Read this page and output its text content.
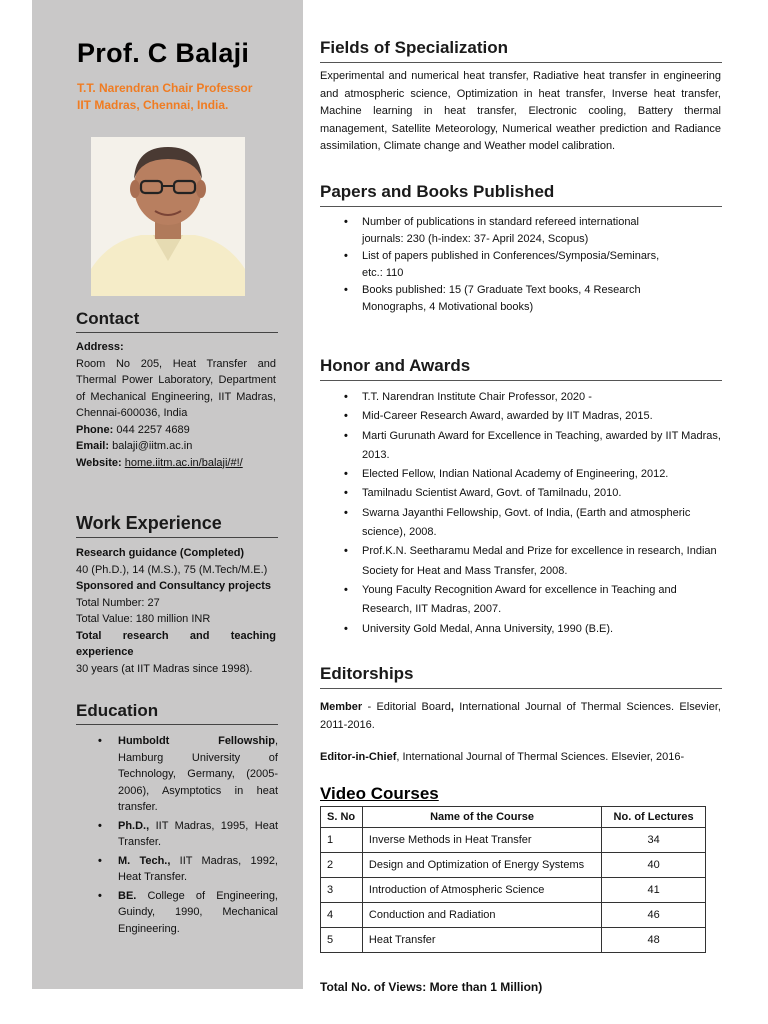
Prof. C Balaji
T.T. Narendran Chair Professor
IIT Madras, Chennai, India.
Contact
Address:
Room No 205, Heat Transfer and Thermal Power Laboratory, Department of Mechanical Engineering, IIT Madras, Chennai-600036, India
Phone: 044 2257 4689
Email: balaji@iitm.ac.in
Website: home.iitm.ac.in/balaji/#!/
Work Experience
Research guidance (Completed)
40 (Ph.D.), 14 (M.S.), 75 (M.Tech/M.E.)
Sponsored and Consultancy projects
Total Number: 27
Total Value: 180 million INR
Total research and teaching experience
30 years (at IIT Madras since 1998).
Education
• Humboldt Fellowship, Hamburg University of Technology, Germany, (2005-2006), Asymptotics in heat transfer.
• Ph.D., IIT Madras, 1995, Heat Transfer.
• M. Tech., IIT Madras, 1992, Heat Transfer.
• BE. College of Engineering, Guindy, 1990, Mechanical Engineering.
Fields of Specialization
Experimental and numerical heat transfer, Radiative heat transfer in engineering and atmospheric science, Optimization in heat transfer, Inverse heat transfer, Machine learning in heat transfer, Electronic cooling, Battery thermal management, Satellite Meteorology, Numerical weather prediction and Radiance assimilation, Climate change and Weather model calibration.
Papers and Books Published
• Number of publications in standard refereed international journals: 230 (h-index: 37- April 2024, Scopus)
• List of papers published in Conferences/Symposia/Seminars, etc.: 110
• Books published: 15 (7 Graduate Text books, 4 Research Monographs, 4 Motivational books)
Honor and Awards
• T.T. Narendran Institute Chair Professor, 2020 -
• Mid-Career Research Award, awarded by IIT Madras, 2015.
• Marti Gurunath Award for Excellence in Teaching, awarded by IIT Madras, 2013.
• Elected Fellow, Indian National Academy of Engineering, 2012.
• Tamilnadu Scientist Award, Govt. of Tamilnadu, 2010.
• Swarna Jayanthi Fellowship, Govt. of India, (Earth and atmospheric science), 2008.
• Prof.K.N. Seetharamu Medal and Prize for excellence in research, Indian Society for Heat and Mass Transfer, 2008.
• Young Faculty Recognition Award for excellence in Teaching and Research, IIT Madras, 2007.
• University Gold Medal, Anna University, 1990 (B.E).
Editorships
Member - Editorial Board, International Journal of Thermal Sciences. Elsevier, 2011-2016.
Editor-in-Chief, International Journal of Thermal Sciences. Elsevier, 2016-
Video Courses
S. No	Name of the Course	No. of Lectures
1	Inverse Methods in Heat Transfer	34
2	Design and Optimization of Energy Systems	40
3	Introduction of Atmospheric Science	41
4	Conduction and Radiation	46
5	Heat Transfer	48
Total No. of Views: More than 1 Million)
